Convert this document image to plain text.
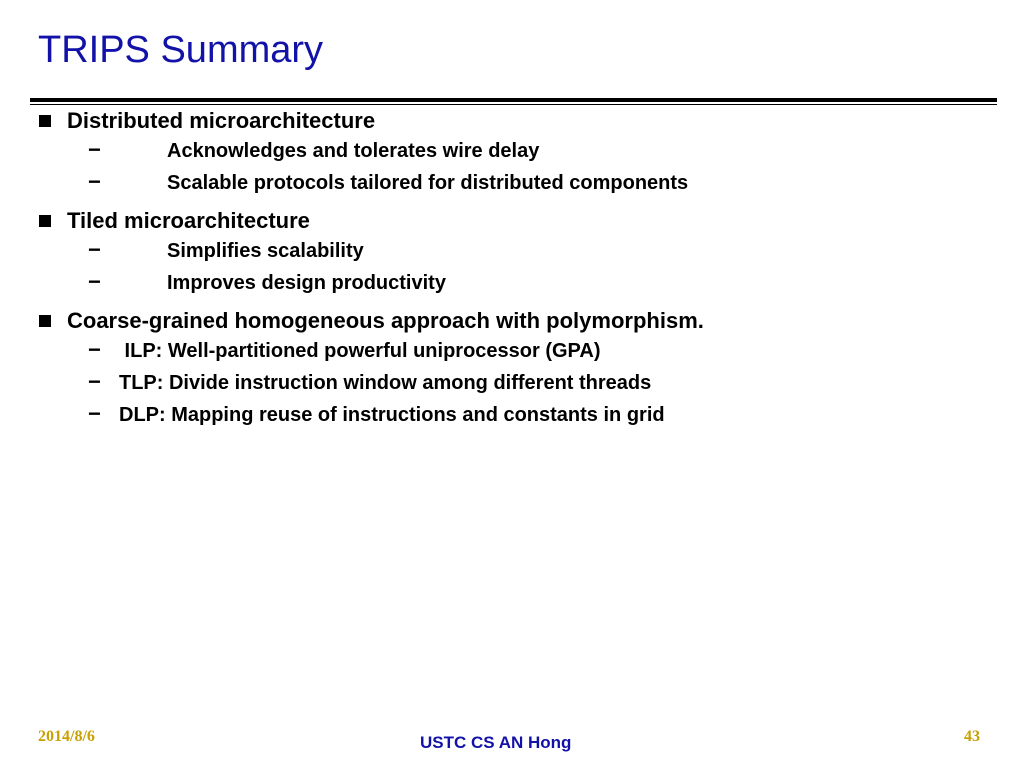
TRIPS Summary
Distributed microarchitecture
−	Acknowledges and tolerates wire delay
−	Scalable protocols tailored for distributed components
Tiled microarchitecture
−	Simplifies scalability
−	Improves design productivity
Coarse-grained homogeneous approach with polymorphism.
− ILP: Well-partitioned powerful uniprocessor (GPA)
− TLP: Divide instruction window among different threads
− DLP: Mapping reuse of instructions and constants in grid
2014/8/6	USTC CS AN Hong	43
